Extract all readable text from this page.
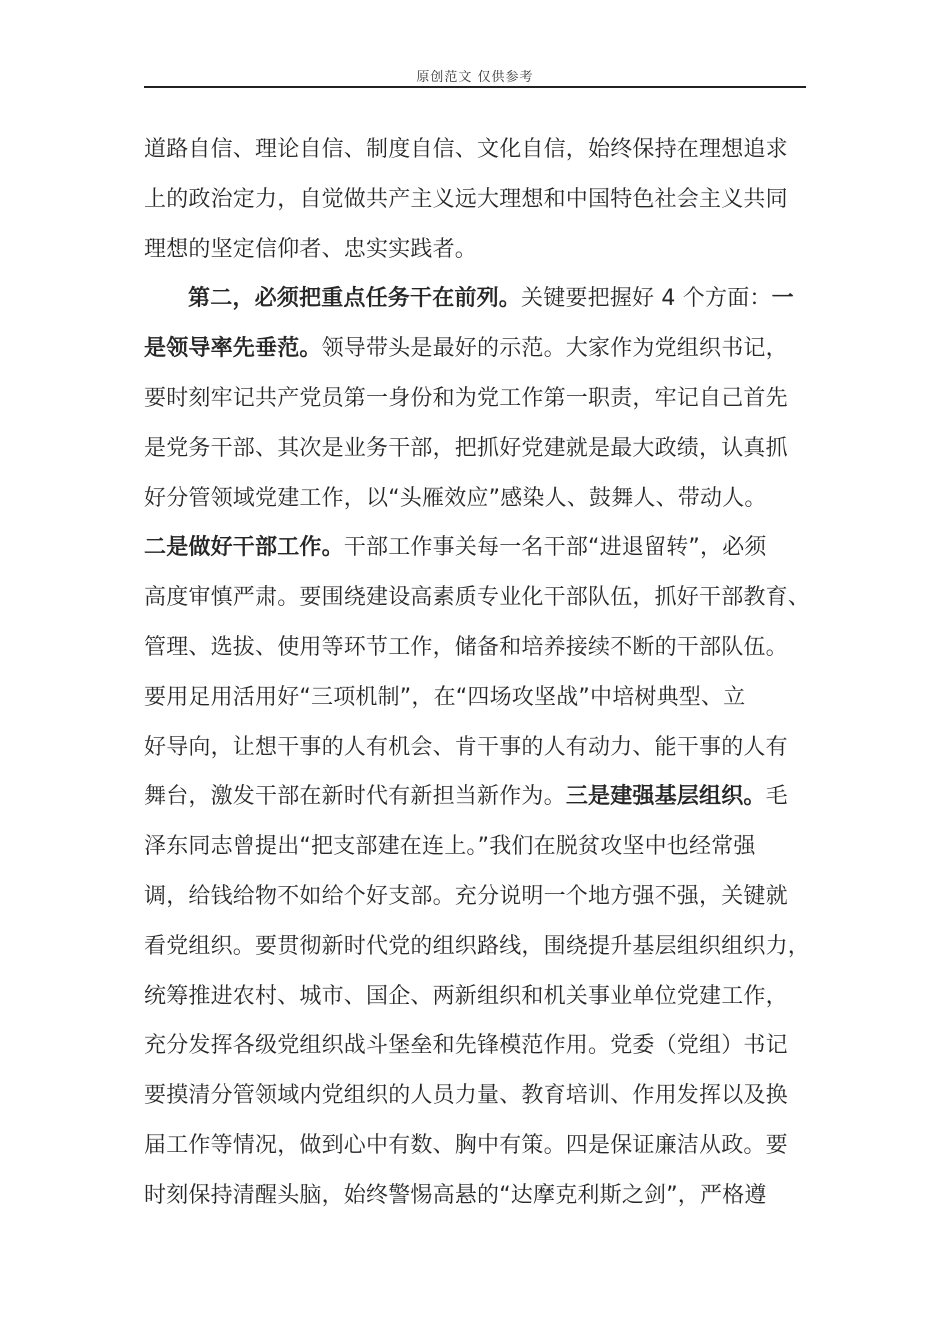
原创范文 仅供参考
道路自信、理论自信、制度自信、文化自信，始终保持在理想追求
上的政治定力，自觉做共产主义远大理想和中国特色社会主义共同
理想的坚定信仰者、忠实实践者。
第二，必须把重点任务干在前列。关键要把握好 4 个方面：一
是领导率先垂范。领导带头是最好的示范。大家作为党组织书记，
要时刻牢记共产党员第一身份和为党工作第一职责，牢记自己首先
是党务干部、其次是业务干部，把抓好党建就是最大政绩，认真抓
好分管领域党建工作，以“头雁效应”感染人、鼓舞人、带动人。
二是做好干部工作。干部工作事关每一名干部“进退留转”，必须
高度审慎严肃。要围绕建设高素质专业化干部队伍，抓好干部教育、
管理、选拔、使用等环节工作，储备和培养接续不断的干部队伍。
要用足用活用好“三项机制”，在“四场攻坚战”中培树典型、立
好导向，让想干事的人有机会、肯干事的人有动力、能干事的人有
舞台，激发干部在新时代有新担当新作为。三是建强基层组织。毛
泽东同志曾提出“把支部建在连上。”我们在脱贫攻坚中也经常强
调，给钱给物不如给个好支部。充分说明一个地方强不强，关键就
看党组织。要贯彻新时代党的组织路线，围绕提升基层组织组织力，
统筹推进农村、城市、国企、两新组织和机关事业单位党建工作，
充分发挥各级党组织战斗堡垒和先锋模范作用。党委（党组）书记
要摸清分管领域内党组织的人员力量、教育培训、作用发挥以及换
届工作等情况，做到心中有数、胸中有策。四是保证廉洁从政。要
时刻保持清醒头脑，始终警惕高悬的“达摩克利斯之剑”，严格遵
